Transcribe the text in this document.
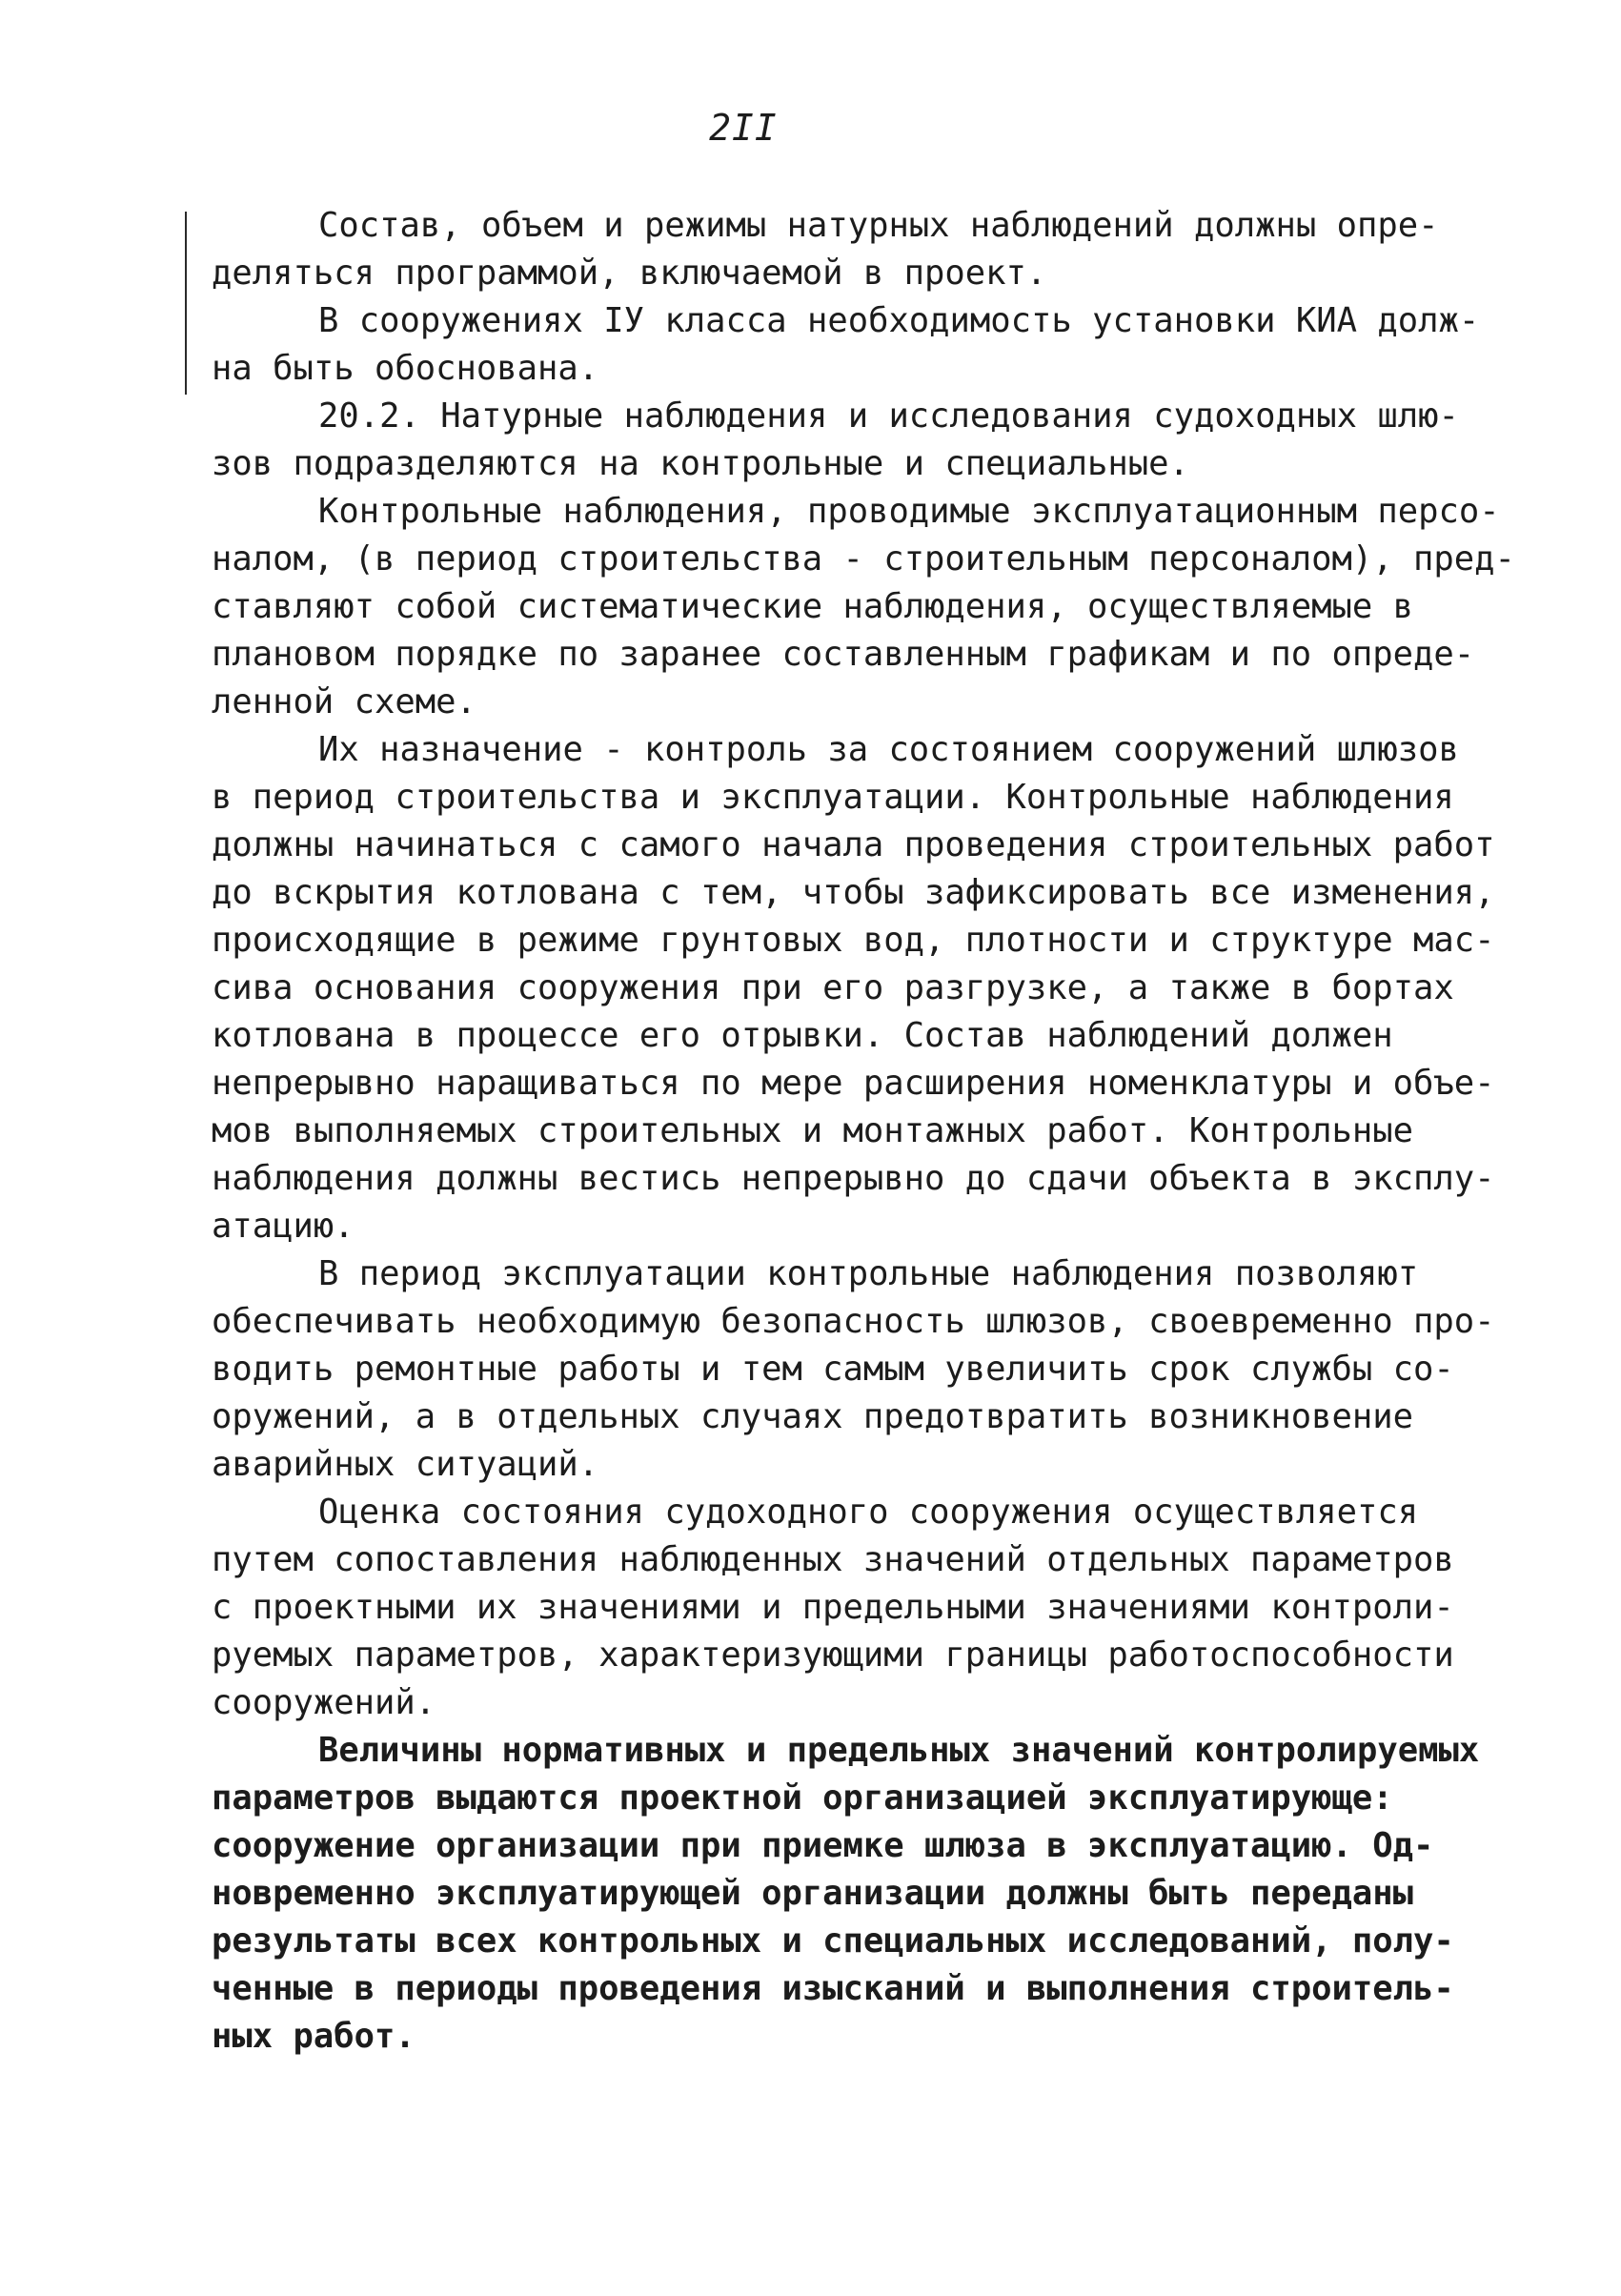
2II
Состав, объем и режимы натурных наблюдений должны опре-
деляться программой, включаемой в проект.
В сооружениях IУ класса необходимость установки КИА долж-
на быть обоснована.
20.2. Натурные наблюдения и исследования судоходных шлю-
зов подразделяются на контрольные и специальные.
Контрольные наблюдения, проводимые эксплуатационным персо-
налом, (в период строительства - строительным персоналом), пред-
ставляют собой систематические наблюдения, осуществляемые в
плановом порядке по заранее составленным графикам и по опреде-
ленной схеме.
Их назначение - контроль за состоянием сооружений шлюзов
в период строительства и эксплуатации. Контрольные наблюдения
должны начинаться с самого начала проведения строительных работ
до вскрытия котлована с тем, чтобы зафиксировать все изменения,
происходящие в режиме грунтовых вод, плотности и структуре мас-
сива основания сооружения при его разгрузке, а также в бортах
котлована в процессе его отрывки. Состав наблюдений должен
непрерывно наращиваться по мере расширения номенклатуры и объе-
мов выполняемых строительных и монтажных работ. Контрольные
наблюдения должны вестись непрерывно до сдачи объекта в эксплу-
атацию.
В период эксплуатации контрольные наблюдения позволяют
обеспечивать необходимую безопасность шлюзов, своевременно про-
водить ремонтные работы и тем самым увеличить срок службы со-
оружений, а в отдельных случаях предотвратить возникновение
аварийных ситуаций.
Оценка состояния судоходного сооружения осуществляется
путем сопоставления наблюденных значений отдельных параметров
с проектными их значениями и предельными значениями контроли-
руемых параметров, характеризующими границы работоспособности
сооружений.
Величины нормативных и предельных значений контролируемых
параметров выдаются проектной организацией эксплуатирующе:
сооружение организации при приемке шлюза в эксплуатацию. Од-
новременно эксплуатирующей организации должны быть переданы
результаты всех контрольных и специальных исследований, полу-
ченные в периоды проведения изысканий и выполнения строитель-
ных работ.
